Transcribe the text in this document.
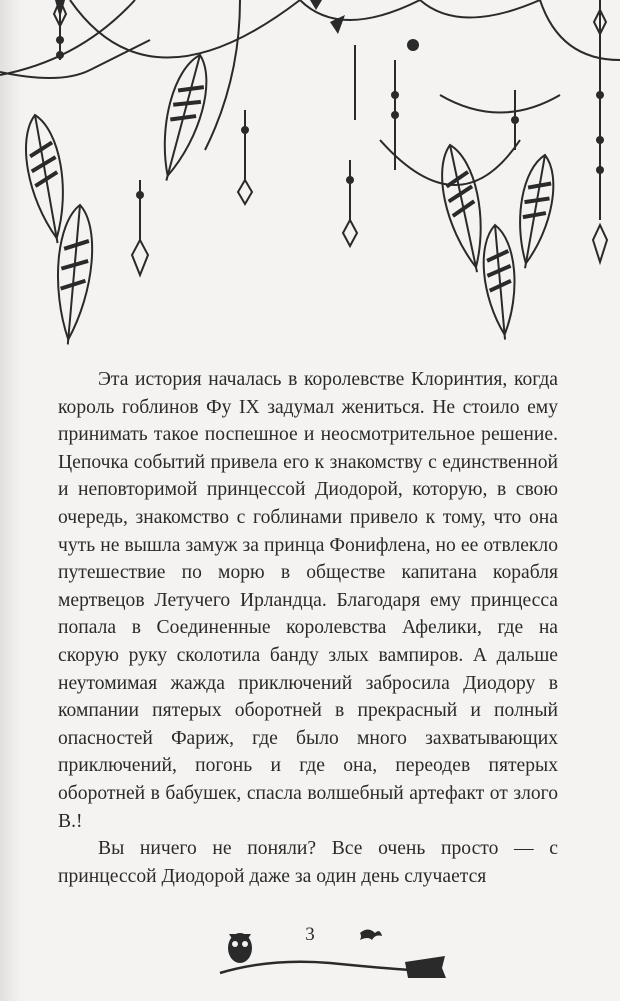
Эта история началась в королевстве Клоринтия, когда король гоблинов Фу IX задумал жениться. Не стоило ему принимать такое поспешное и неосмотрительное решение. Цепочка событий привела его к знакомству с единственной и неповторимой принцессой Диодорой, которую, в свою очередь, знакомство с гоблинами привело к тому, что она чуть не вышла замуж за принца Фонифлена, но ее отвлекло путешествие по морю в обществе капитана корабля мертвецов Летучего Ирландца. Благодаря ему принцесса попала в Соединенные королевства Афелики, где на скорую руку сколотила банду злых вампиров. А дальше неутомимая жажда приключений забросила Диодору в компании пятерых оборотней в прекрасный и полный опасностей Фариж, где было много захватывающих приключений, погонь и где она, переодев пятерых оборотней в бабушек, спасла волшебный артефакт от злого В.!

Вы ничего не поняли? Все очень просто — с принцессой Диодорой даже за один день случается

3
